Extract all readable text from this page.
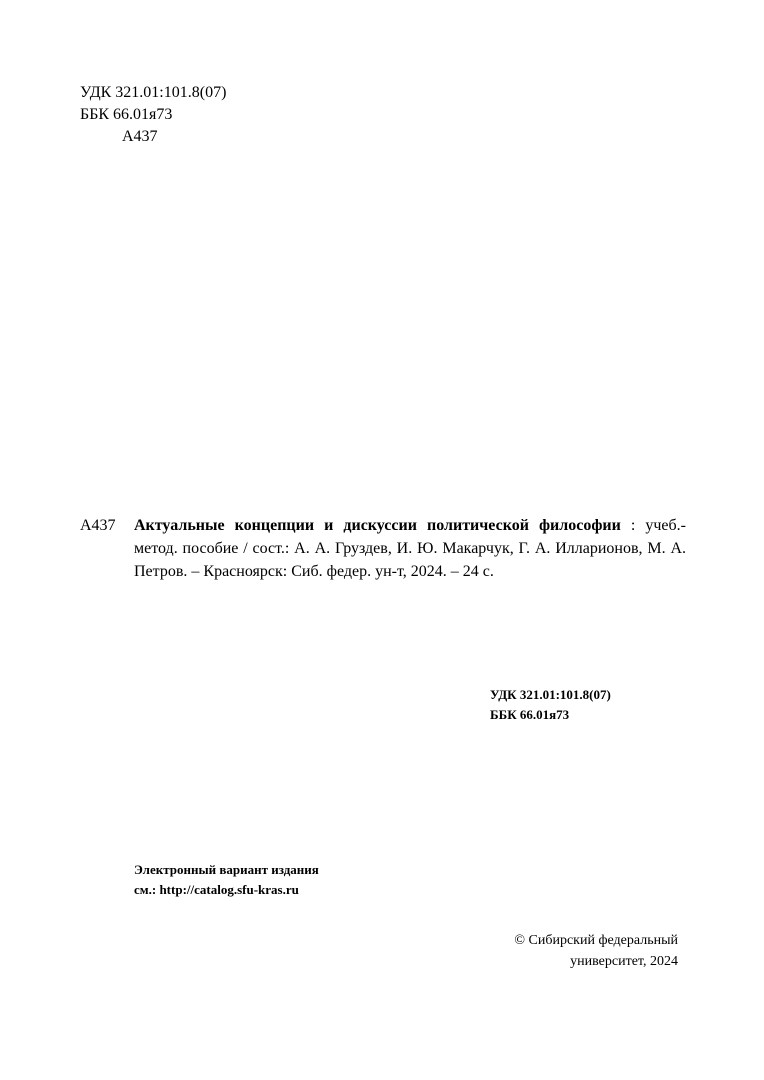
УДК 321.01:101.8(07)
ББК 66.01я73
А437
А437 Актуальные концепции и дискуссии политической философии : учеб.-метод. пособие / сост.: А. А. Груздев, И. Ю. Макарчук, Г. А. Илларионов, М. А. Петров. – Красноярск: Сиб. федер. ун-т, 2024. – 24 с.
УДК 321.01:101.8(07)
ББК 66.01я73
Электронный вариант издания
см.: http://catalog.sfu-kras.ru
© Сибирский федеральный
университет, 2024
